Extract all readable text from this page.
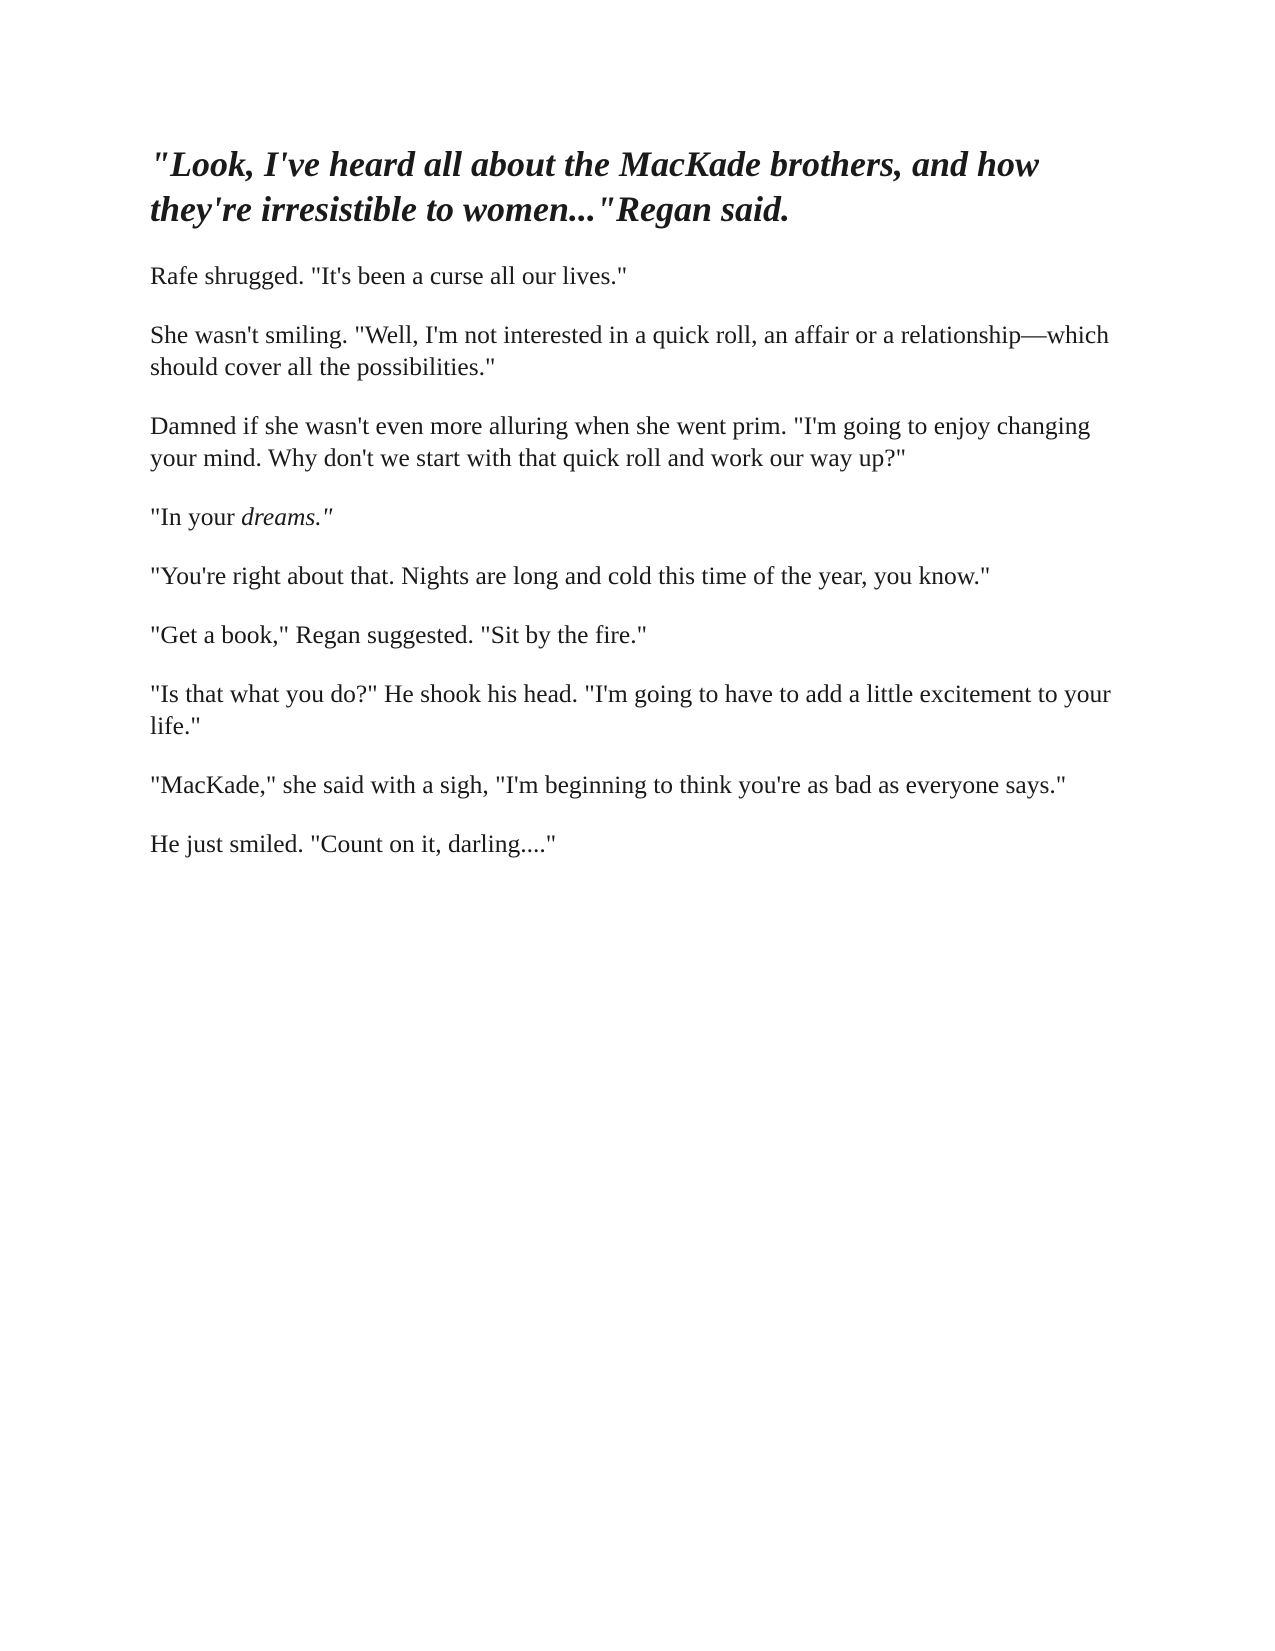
"Look, I've heard all about the MacKade brothers, and how they're irresistible to women..."Regan said.

Rafe shrugged. "It's been a curse all our lives."

She wasn't smiling. "Well, I'm not interested in a quick roll, an affair or a relationship—which should cover all the possibilities."

Damned if she wasn't even more alluring when she went prim. "I'm going to enjoy changing your mind. Why don't we start with that quick roll and work our way up?"

"In your dreams."

"You're right about that. Nights are long and cold this time of the year, you know."

"Get a book," Regan suggested. "Sit by the fire."

"Is that what you do?" He shook his head. "I'm going to have to add a little excitement to your life."

"MacKade," she said with a sigh, "I'm beginning to think you're as bad as everyone says."

He just smiled. "Count on it, darling...."
